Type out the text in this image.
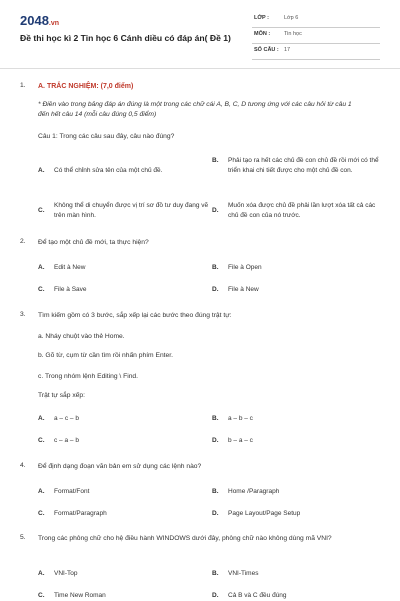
2048.vn
Đề thi học kì 2 Tin học 6 Cánh diều có đáp án( Đề 1)
LỚP :	Lớp 6
MÔN :	Tin học
SỐ CÂU : 17
1. A. TRẮC NGHIỆM: (7,0 điểm)
* Điền vào trong bảng đáp án đúng là một trong các chữ cái A, B, C, D tương ứng với các câu hỏi từ câu 1 đến hết câu 14 (mỗi câu đúng 0,5 điểm)
Câu 1: Trong các câu sau đây, câu nào đúng?
A. Có thể chỉnh sửa tên của một chủ đề.
B. Phải tạo ra hết các chủ đề con chủ đề rồi mới có thể triển khai chi tiết được cho một chủ đề con.
C.
Không thể di chuyển được vị trí sơ đồ tư duy đang vẽ trên màn hình.
D.
Muốn xóa được chủ đề phải lần lượt xóa tất cả các chủ đề con của nó trước.
2. Để tạo một chủ đề mới, ta thực hiện?
A. Edit à New	B. File à Open
C. File à Save	D. File à New
3. Tìm kiếm gồm có 3 bước, sắp xếp lại các bước theo đúng trật tự:
a. Nháy chuột vào thẻ Home.
b. Gõ từ, cụm từ cần tìm rồi nhấn phím Enter.
c. Trong nhóm lệnh Editing \ Find.
Trật tự sắp xếp:
A. a – c – b	B. a – b – c
C. c – a – b	D. b – a – c
4. Để định dạng đoạn văn bản em sử dụng các lệnh nào?
A. Format/Font	B. Home /Paragraph
C. Format/Paragraph	D. Page Layout/Page Setup
5. Trong các phông chữ cho hệ điều hành WINDOWS dưới đây, phông chữ nào không dùng mã VNI?
A. VNI-Top	B. VNI-Times
C. Time New Roman	D. Cả B và C đều đúng
